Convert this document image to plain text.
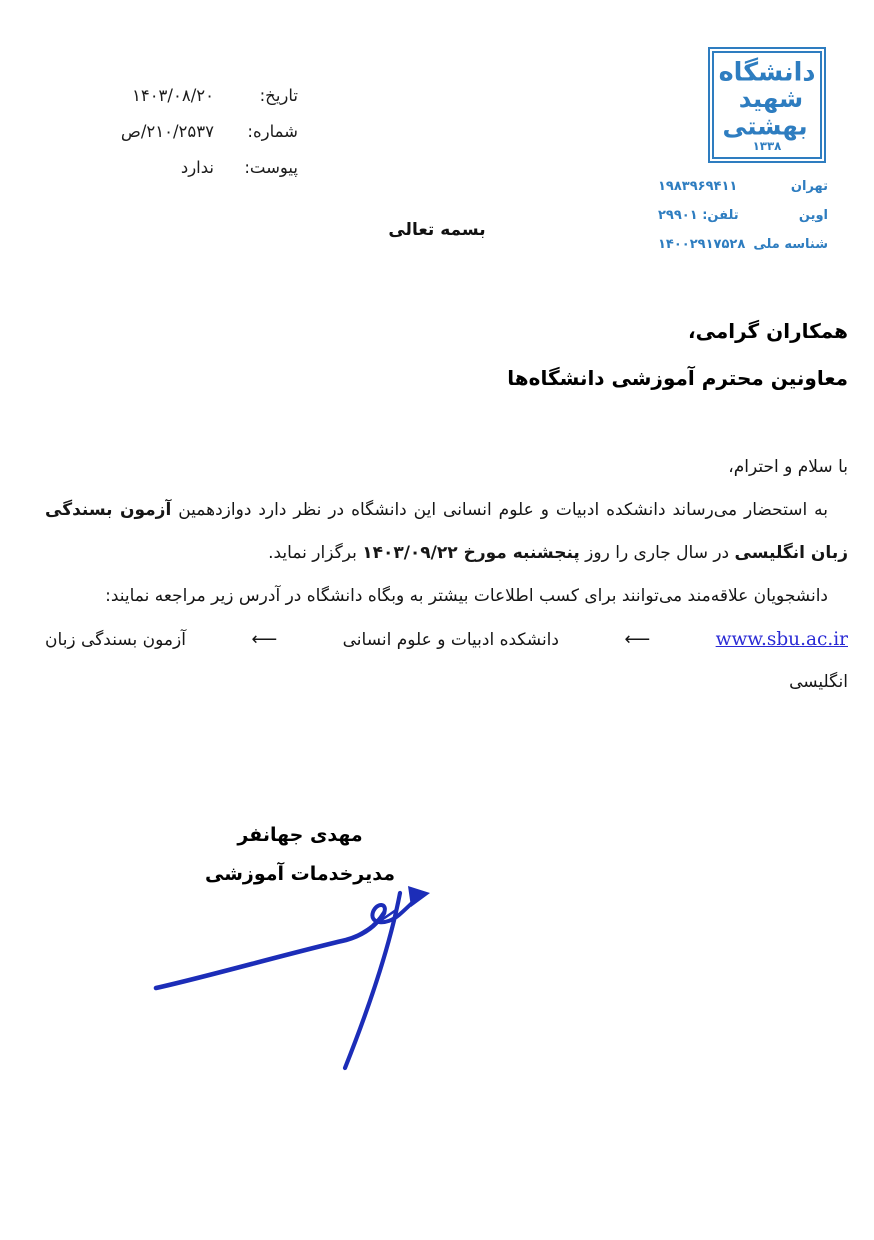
دانشگاه
شهید
بهشتی
۱۳۳۸
تهران
۱۹۸۳۹۶۹۴۱۱
اوین
تلفن: ۲۹۹۰۱
شناسه ملی
۱۴۰۰۲۹۱۷۵۲۸
تاریخ:
۱۴۰۳/۰۸/۲۰
شماره:
۲۱۰/۲۵۳۷/ص
پیوست:
ندارد
بسمه تعالی
همکاران گرامی،
معاونین محترم آموزشی دانشگاه‌ها

با سلام و احترام،

به استحضار می‌رساند دانشکده ادبیات و علوم انسانی این دانشگاه در نظر دارد دوازدهمین آزمون بسندگی زبان انگلیسی در سال جاری را روز پنجشنبه مورخ ۱۴۰۳/۰۹/۲۲ برگزار نماید.

دانشجویان علاقه‌مند می‌توانند برای کسب اطلاعات بیشتر به وبگاه دانشگاه در آدرس زیر مراجعه نمایند:

www.sbu.ac.ir
⟵
دانشکده ادبیات و علوم انسانی
⟵
آزمون بسندگی زبان
انگلیسی
مهدی جهانفر
مدیرخدمات آموزشی
